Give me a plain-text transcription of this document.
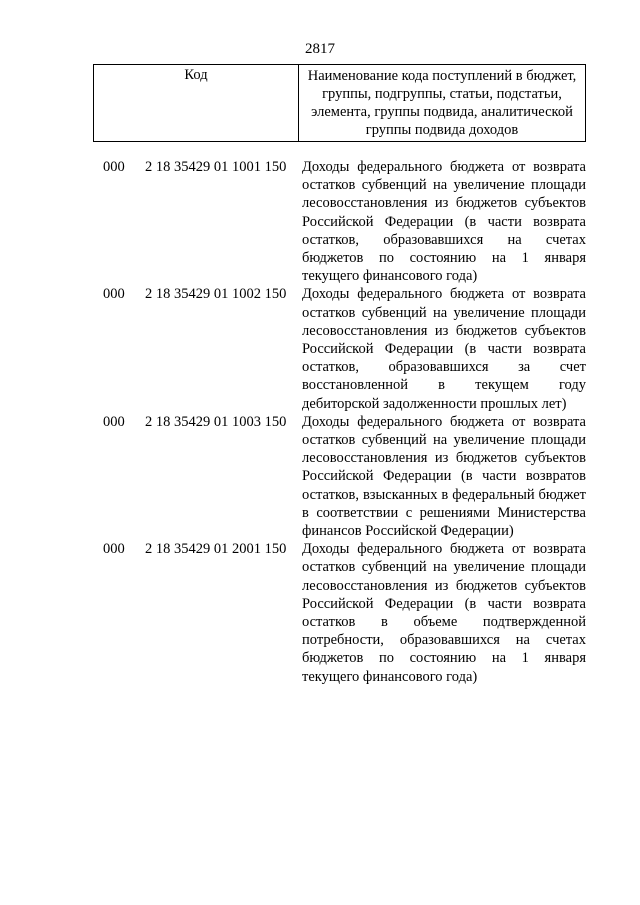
2817
Код	Наименование кода поступлений в бюджет, группы, подгруппы, статьи, подстатьи, элемента, группы подвида, аналитической группы подвида доходов
000	2 18 35429 01 1001 150	Доходы федерального бюджета от возврата остатков субвенций на увеличение площади лесовосстановления из бюджетов субъектов Российской Федерации (в части возврата остатков, образовавшихся на счетах бюджетов по состоянию на 1 января текущего финансового года)
000	2 18 35429 01 1002 150	Доходы федерального бюджета от возврата остатков субвенций на увеличение площади лесовосстановления из бюджетов субъектов Российской Федерации (в части возврата остатков, образовавшихся за счет восстановленной в текущем году дебиторской задолженности прошлых лет)
000	2 18 35429 01 1003 150	Доходы федерального бюджета от возврата остатков субвенций на увеличение площади лесовосстановления из бюджетов субъектов Российской Федерации (в части возвратов остатков, взысканных в федеральный бюджет в соответствии с решениями Министерства финансов Российской Федерации)
000	2 18 35429 01 2001 150	Доходы федерального бюджета от возврата остатков субвенций на увеличение площади лесовосстановления из бюджетов субъектов Российской Федерации (в части возврата остатков в объеме подтвержденной потребности, образовавшихся на счетах бюджетов по состоянию на 1 января текущего финансового года)
